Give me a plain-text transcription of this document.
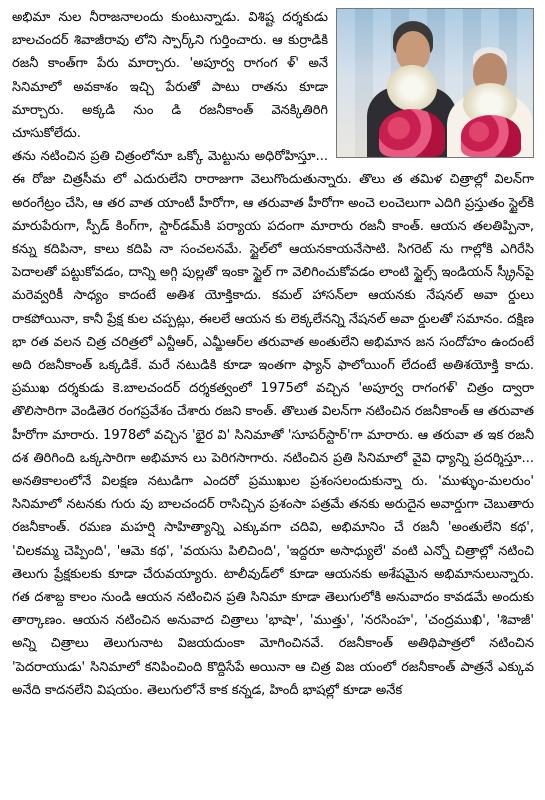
అభిమా నుల నీరాజనాలందు కుంటున్నాడు. విశిష్ట దర్శకుడు బాలచందర్ శివాజీరావు లోని స్పార్క్‌ని గుర్తించారు. ఆ కుర్రాడికి రజనీ కాంత్‌గా పేరు మార్చారు. 'అపూర్వ రాగంగ ళ్' అనే సినిమాలో అవకాశం ఇచ్చి పేరుతో పాటు రాతను కూడా మార్చారు. అక్కడి నుం డి రజనీకాంత్ వెనక్కితిరిగి చూసుకోలేదు.

తను నటించిన ప్రతి చిత్రంలోనూ ఒక్కో మెట్టును అధిరోహిస్తూ... ఈ రోజు చిత్రసీమ లో ఎదురులేని రారాజుగా వెలుగొందుతున్నారు. తొలు త తమిళ చిత్రాల్లో విలన్‌గా అరంగేట్రం చేసి, ఆ తర వాత యాంటీ హీరోగా, ఆ తరువాత హీరోగా అంచె లంచెలుగా ఎదిగి ప్రస్తుతం స్టైల్‌కి మారుపేరుగా, స్పీడ్ కింగ్‌గా, స్టార్‌డమ్‌కి పర్యాయ పదంగా మారారు రజనీ కాంత్. ఆయన తలతిప్పినా, కన్ను కదిపినా, కాలు కదిపి నా సంచలనమే. స్టైల్‌లో ఆయనకాయనేసాటి. సిగరెట్ ను గాల్లోకి ఎగిరేసి పెదాలతో పట్టుకోవడం, దాన్ని అగ్గి పుల్లతో ఇంకా స్టైల్ గా వెలిగించుకోవడం లాంటి స్టైల్స్ ఇండియన్ స్క్రీన్‌పై మరెవ్వరికీ సాధ్యం కాదంటే అతిశ యోక్తికాదు. కమల్ హాసన్‌లా ఆయనకు నేషనల్ అవా ర్డులు రాకపోయినా, కానీ ప్రేక్ష కుల చప్పట్లు, ఈలలే ఆయన కు లెక్కలేనన్ని నేషనల్ అవా ర్డులతో సమానం. దక్షిణ భా రత వలన చిత్ర చరిత్రలో ఎన్టీఆర్, ఎమ్జీఆర్‌ల తరువాత అంతులేని అభిమాన జన సందోహం ఉందంటే అది రజనీకాంత్ ఒక్కడికే. మరే నటుడికి కూడా ఇంతగా ఫ్యాన్ ఫాలోయింగ్ లేదంటే అతిశయోక్తి కాదు. ప్రముఖ దర్శకుడు కె.బాలచందర్ దర్శకత్వంలో 1975లో వచ్చిన 'అపూర్వ రాగంగళ్' చిత్రం ద్వారా తొలిసారిగా వెండితెర రంగప్రవేశం చేశారు రజని కాంత్. తొలుత విలన్‌గా నటించిన రజనీకాంత్ ఆ తరువాత హీరోగా మారారు. 1978లో వచ్చిన 'భైర వి' సినిమాతో 'సూపర్‌స్టార్'గా మారారు. ఆ తరువా త ఇక రజనీ దశ తిరిగింది ఒక్కసారిగా అభిమాన లు పెరిగసాగారు. నటించిన ప్రతి సినిమాలో వైవి ధ్యాన్ని ప్రదర్శిస్తూ... అనతికాలంలోనే విలక్షణ నటుడిగా ఎందరో ప్రముఖుల ప్రశంసలందుకున్నా రు. 'ముళ్ళుం-మలరుం' సినిమాలో నటనకు గురు వు బాలచందర్ రాసిచ్చిన ప్రశంసా పత్రమే తనకు అరుదైన అవార్డుగా చెబుతారు రజనీకాంత్. రమణ మహర్షి సాహిత్యాన్ని ఎక్కువగా చదివి, అభిమానిం చే రజనీ 'అంతులేని కథ', 'చిలకమ్మ చెప్పింది', 'ఆమె కథ', 'వయసు పిలిచింది', 'ఇద్దరూ అసాధ్యులే' వంటి ఎన్నో చిత్రాల్లో నటించి తెలుగు ప్రేక్షకులకు కూడా చేరువయ్యారు. టాలీవుడ్‌లో కూడా ఆయనకు అశేషమైన అభిమానులున్నారు. గత దశాబ్ద కాలం నుండి ఆయన నటించిన ప్రతి సినిమా కూడా తెలుగులోకి అనువాదం కావడమే అందుకు తార్కాణం. ఆయన నటించిన అనువాద చిత్రాలు 'భాషా', 'ముత్తు', 'నరసింహ', 'చంద్రముఖి', 'శివాజీ' అన్ని చిత్రాలు తెలుగునాట విజయదుంకా మోగించినవే. రజనీకాంత్ అతిథిపాత్రలో నటించిన 'పెదరాయుడు' సినిమాలో కనిపించింది కొద్దిసేపే అయినా ఆ చిత్ర విజ యంలో రజనీకాంత్ పాత్రనే ఎక్కువ అనేది కాదనలేని విషయం. తెలుగులోనే కాక కన్నడ, హిందీ భాషల్లో కూడా అనేక
